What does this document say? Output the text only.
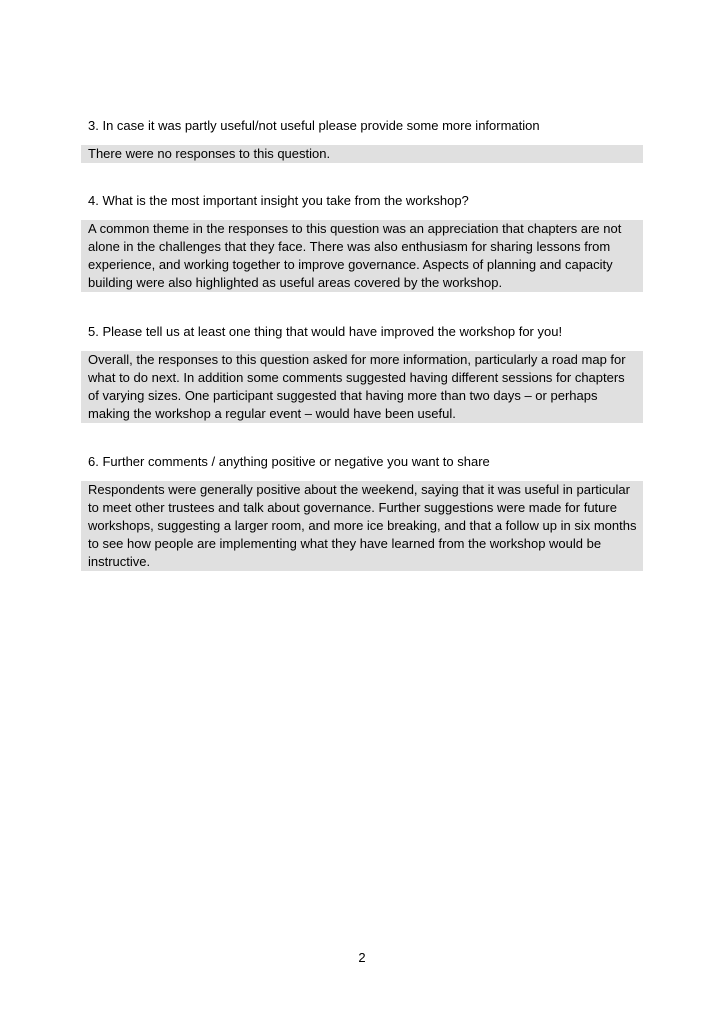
3. In case it was partly useful/not useful please provide some more information

There were no responses to this question.

4. What is the most important insight you take from the workshop?

A common theme in the responses to this question was an appreciation that chapters are not alone in the challenges that they face. There was also enthusiasm for sharing lessons from experience, and working together to improve governance. Aspects of planning and capacity building were also highlighted as useful areas covered by the workshop.

5. Please tell us at least one thing that would have improved the workshop for you!

Overall, the responses to this question asked for more information, particularly a road map for what to do next. In addition some comments suggested having different sessions for chapters of varying sizes. One participant suggested that having more than two days – or perhaps making the workshop a regular event – would have been useful.

6. Further comments / anything positive or negative you want to share

Respondents were generally positive about the weekend, saying that it was useful in particular to meet other trustees and talk about governance. Further suggestions were made for future workshops, suggesting a larger room, and more ice breaking, and that a follow up in six months to see how people are implementing what they have learned from the workshop would be instructive.
2
